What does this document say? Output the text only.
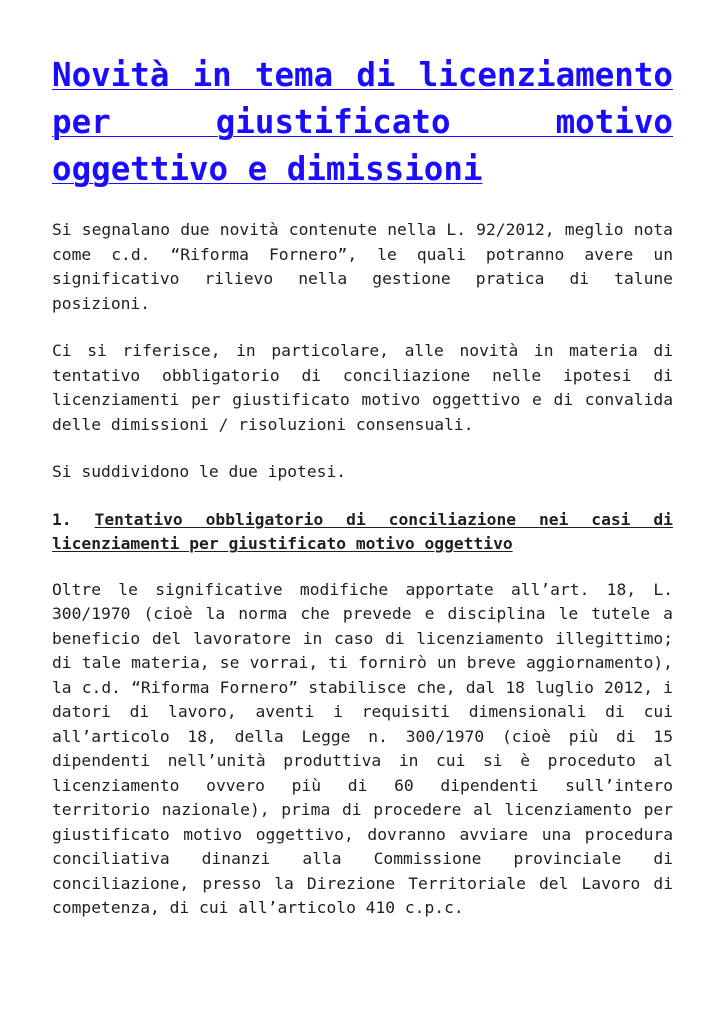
Novità in tema di licenziamento per giustificato motivo oggettivo e dimissioni

Si segnalano due novità contenute nella L. 92/2012, meglio nota come c.d. “Riforma Fornero”, le quali potranno avere un significativo rilievo nella gestione pratica di talune posizioni.

Ci si riferisce, in particolare, alle novità in materia di tentativo obbligatorio di conciliazione nelle ipotesi di licenziamenti per giustificato motivo oggettivo e di convalida delle dimissioni / risoluzioni consensuali.

Si suddividono le due ipotesi.

1. Tentativo obbligatorio di conciliazione nei casi di licenziamenti per giustificato motivo oggettivo

Oltre le significative modifiche apportate all’art. 18, L. 300/1970 (cioè la norma che prevede e disciplina le tutele a beneficio del lavoratore in caso di licenziamento illegittimo; di tale materia, se vorrai, ti fornirò un breve aggiornamento), la c.d. “Riforma Fornero” stabilisce che, dal 18 luglio 2012, i datori di lavoro, aventi i requisiti dimensionali di cui all’articolo 18, della Legge n. 300/1970 (cioè più di 15 dipendenti nell’unità produttiva in cui si è proceduto al licenziamento ovvero più di 60 dipendenti sull’intero territorio nazionale), prima di procedere al licenziamento per giustificato motivo oggettivo, dovranno avviare una procedura conciliativa dinanzi alla Commissione provinciale di conciliazione, presso la Direzione Territoriale del Lavoro di competenza, di cui all’articolo 410 c.p.c.
